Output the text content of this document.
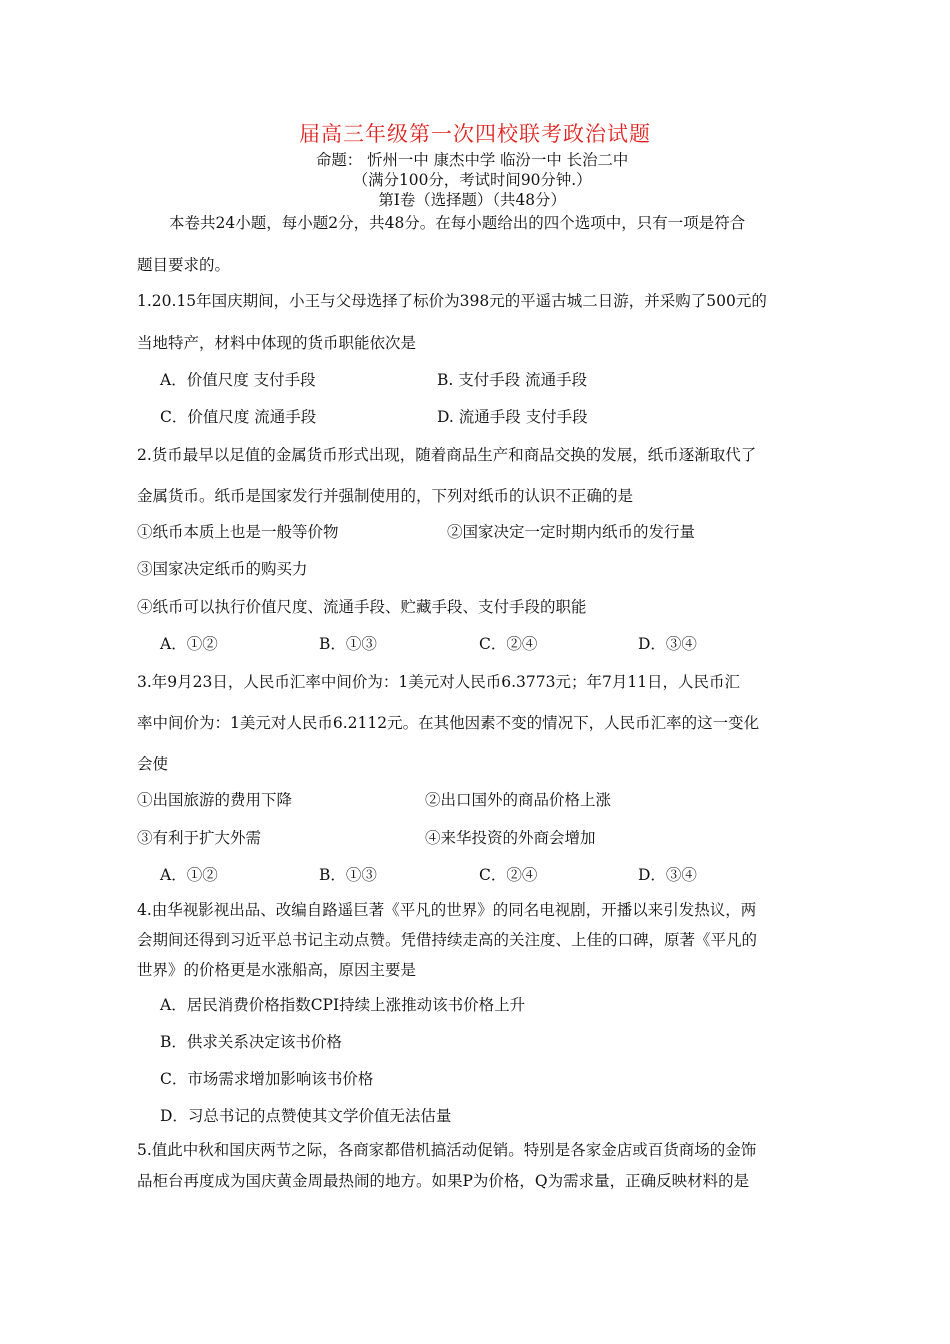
届高三年级第一次四校联考政治试题
命题： 忻州一中 康杰中学 临汾一中 长治二中
（满分100分，考试时间90分钟.）
第Ⅰ卷（选择题）（共48分）
本卷共24小题，每小题2分，共48分。在每小题给出的四个选项中，只有一项是符合
题目要求的。
1.20.15年国庆期间，小王与父母选择了标价为398元的平遥古城二日游，并采购了500元的
当地特产，材料中体现的货币职能依次是
A．价值尺度 支付手段	B. 支付手段 流通手段
C．价值尺度 流通手段	D. 流通手段 支付手段
2.货币最早以足值的金属货币形式出现，随着商品生产和商品交换的发展，纸币逐渐取代了
金属货币。纸币是国家发行并强制使用的，下列对纸币的认识不正确的是
①纸币本质上也是一般等价物	②国家决定一定时期内纸币的发行量
③国家决定纸币的购买力
④纸币可以执行价值尺度、流通手段、贮藏手段、支付手段的职能
A．①②	B．①③	C．②④	D．③④
3.年9月23日，人民币汇率中间价为：1美元对人民币6.3773元；年7月11日，人民币汇
率中间价为：1美元对人民币6.2112元。在其他因素不变的情况下，人民币汇率的这一变化
会使
①出国旅游的费用下降	②出口国外的商品价格上涨
③有利于扩大外需	④来华投资的外商会增加
A．①②	B．①③	C．②④	D．③④
4.由华视影视出品、改编自路遥巨著《平凡的世界》的同名电视剧，开播以来引发热议，两
会期间还得到习近平总书记主动点赞。凭借持续走高的关注度、上佳的口碑，原著《平凡的
世界》的价格更是水涨船高，原因主要是
A．居民消费价格指数CPI持续上涨推动该书价格上升
B．供求关系决定该书价格
C．市场需求增加影响该书价格
D．习总书记的点赞使其文学价值无法估量
5.值此中秋和国庆两节之际，各商家都借机搞活动促销。特别是各家金店或百货商场的金饰
品柜台再度成为国庆黄金周最热闹的地方。如果P为价格，Q为需求量，正确反映材料的是
